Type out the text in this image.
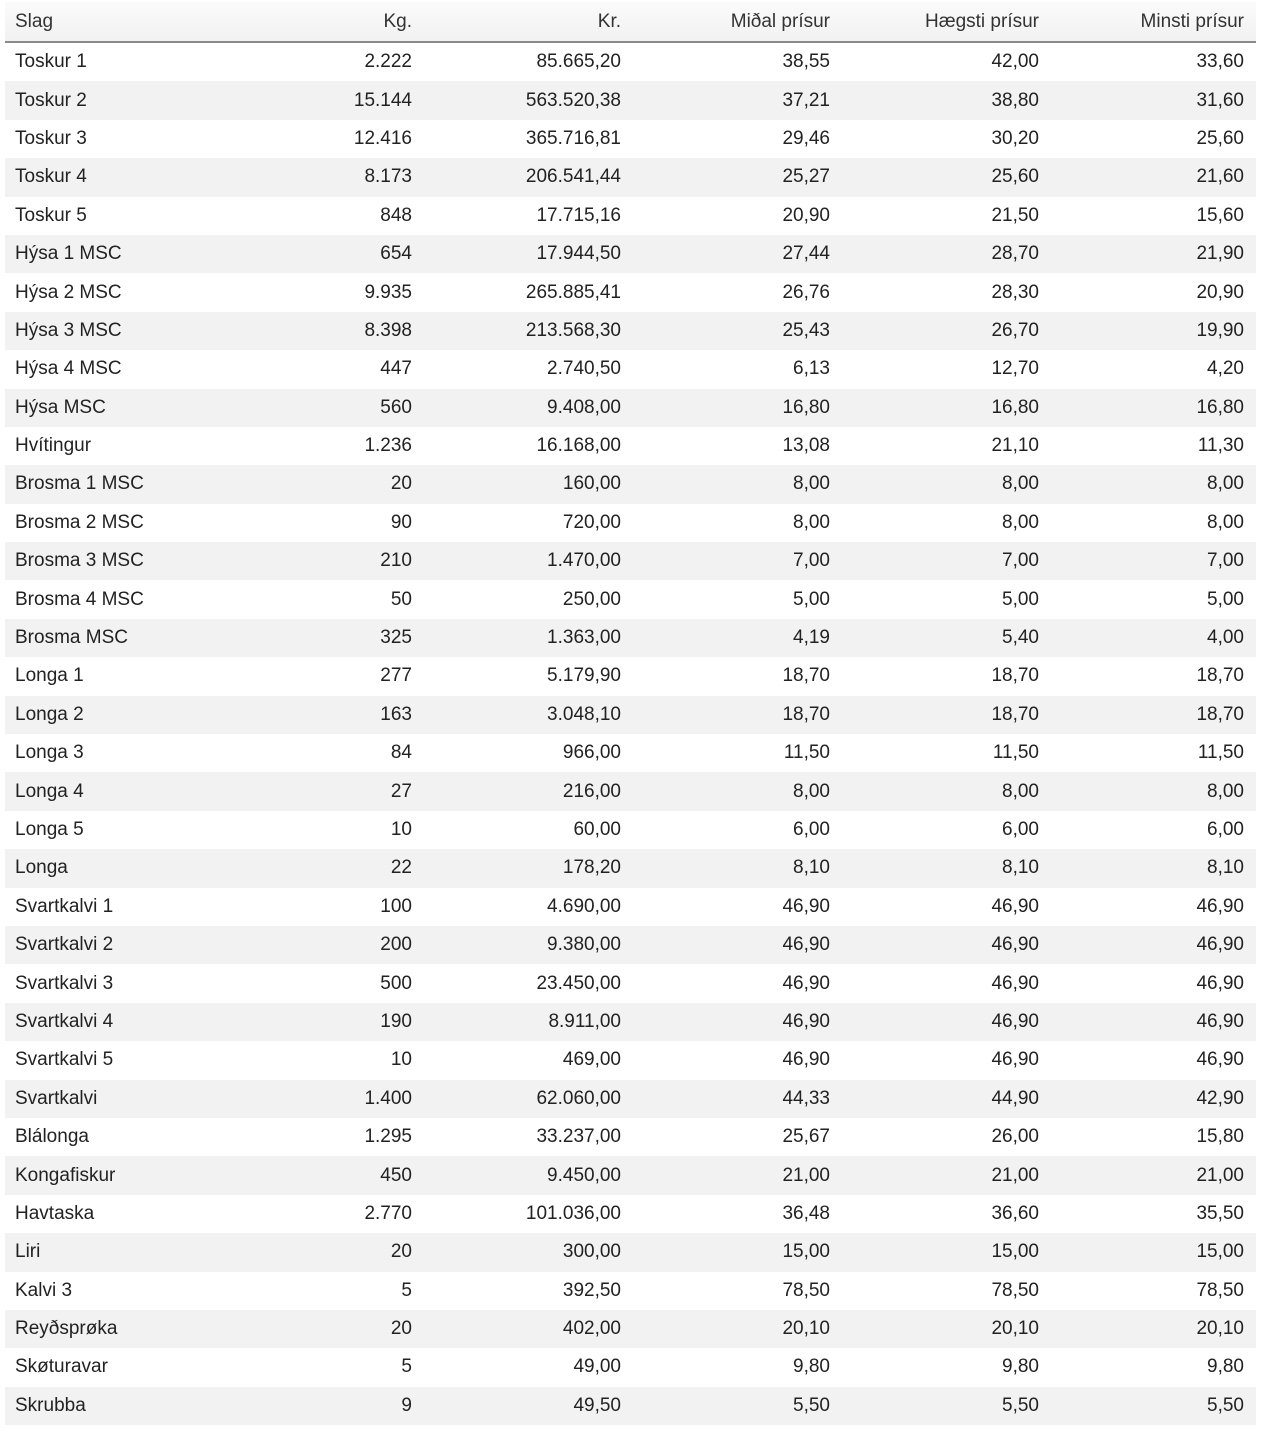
Slag	Kg.	Kr.	Miðal prísur	Hægsti prísur	Minsti prísur
Toskur 1	2.222	85.665,20	38,55	42,00	33,60
Toskur 2	15.144	563.520,38	37,21	38,80	31,60
Toskur 3	12.416	365.716,81	29,46	30,20	25,60
Toskur 4	8.173	206.541,44	25,27	25,60	21,60
Toskur 5	848	17.715,16	20,90	21,50	15,60
Hýsa 1 MSC	654	17.944,50	27,44	28,70	21,90
Hýsa 2 MSC	9.935	265.885,41	26,76	28,30	20,90
Hýsa 3 MSC	8.398	213.568,30	25,43	26,70	19,90
Hýsa 4 MSC	447	2.740,50	6,13	12,70	4,20
Hýsa MSC	560	9.408,00	16,80	16,80	16,80
Hvítingur	1.236	16.168,00	13,08	21,10	11,30
Brosma 1 MSC	20	160,00	8,00	8,00	8,00
Brosma 2 MSC	90	720,00	8,00	8,00	8,00
Brosma 3 MSC	210	1.470,00	7,00	7,00	7,00
Brosma 4 MSC	50	250,00	5,00	5,00	5,00
Brosma MSC	325	1.363,00	4,19	5,40	4,00
Longa 1	277	5.179,90	18,70	18,70	18,70
Longa 2	163	3.048,10	18,70	18,70	18,70
Longa 3	84	966,00	11,50	11,50	11,50
Longa 4	27	216,00	8,00	8,00	8,00
Longa 5	10	60,00	6,00	6,00	6,00
Longa	22	178,20	8,10	8,10	8,10
Svartkalvi 1	100	4.690,00	46,90	46,90	46,90
Svartkalvi 2	200	9.380,00	46,90	46,90	46,90
Svartkalvi 3	500	23.450,00	46,90	46,90	46,90
Svartkalvi 4	190	8.911,00	46,90	46,90	46,90
Svartkalvi 5	10	469,00	46,90	46,90	46,90
Svartkalvi	1.400	62.060,00	44,33	44,90	42,90
Blálonga	1.295	33.237,00	25,67	26,00	15,80
Kongafiskur	450	9.450,00	21,00	21,00	21,00
Havtaska	2.770	101.036,00	36,48	36,60	35,50
Liri	20	300,00	15,00	15,00	15,00
Kalvi 3	5	392,50	78,50	78,50	78,50
Reyðsprøka	20	402,00	20,10	20,10	20,10
Skøturavar	5	49,00	9,80	9,80	9,80
Skrubba	9	49,50	5,50	5,50	5,50
